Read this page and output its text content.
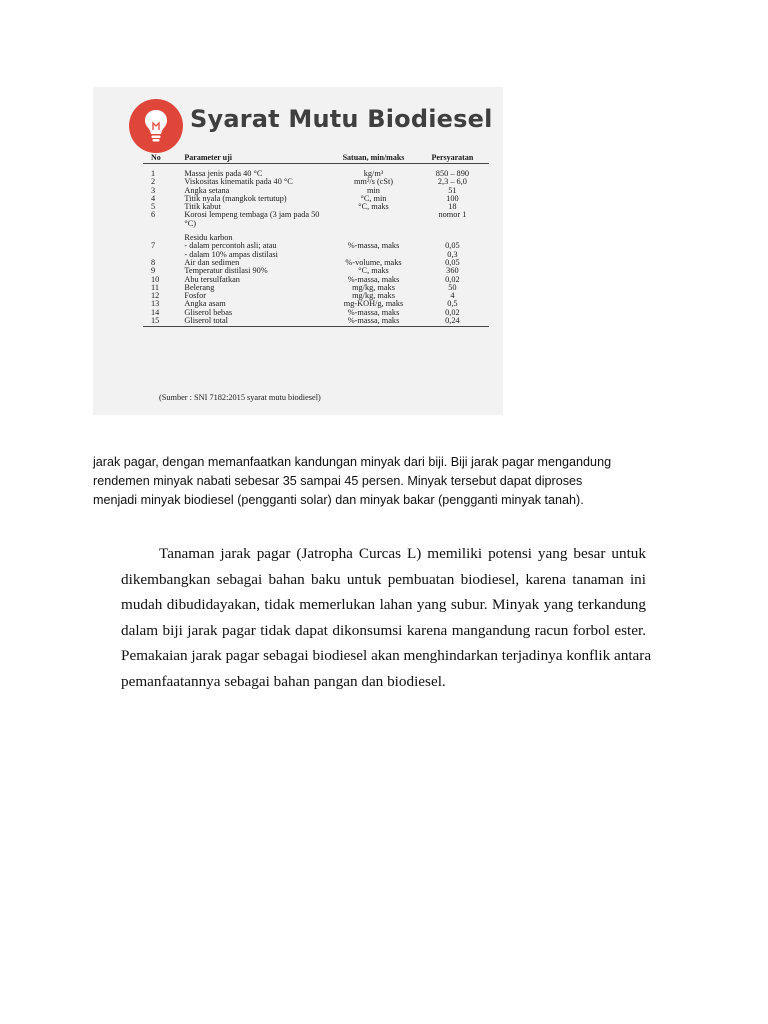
Syarat Mutu Biodiesel
No	Parameter uji	Satuan, min/maks	Persyaratan

1	Massa jenis pada 40 °C	kg/m³	850 – 890
2	Viskositas kinematik pada 40 °C	mm²/s (cSt)	2,3 – 6,0
3	Angka setana	min	51
4	Titik nyala (mangkok tertutup)	°C, min	100
5	Titik kabut	°C, maks	18
6	Korosi lempeng tembaga (3 jam pada 50 °C)		nomor 1

	Residu karbon		
7	- dalam percontoh asli; atau	%-massa, maks	0,05
	- dalam 10% ampas distilasi		0,3
8	Air dan sedimen	%-volume, maks	0,05
9	Temperatur distilasi 90%	°C, maks	360
10	Abu tersulfatkan	%-massa, maks	0,02
11	Belerang	mg/kg, maks	50
12	Fosfor	mg/kg, maks	4
13	Angka asam	mg-KOH/g, maks	0,5
14	Gliserol bebas	%-massa, maks	0,02
15	Gliserol total	%-massa, maks	0,24
(Sumber : SNI 7182:2015 syarat mutu biodiesel)
jarak pagar, dengan memanfaatkan kandungan minyak dari biji. Biji jarak pagar mengandung
rendemen minyak nabati sebesar 35 sampai 45 persen. Minyak tersebut dapat diproses
menjadi minyak biodiesel (pengganti solar) dan minyak bakar (pengganti minyak tanah).
Tanaman jarak pagar (Jatropha Curcas L) memiliki potensi yang besar untuk
dikembangkan sebagai bahan baku untuk pembuatan biodiesel, karena tanaman ini
mudah dibudidayakan, tidak memerlukan lahan yang subur. Minyak yang terkandung
dalam biji jarak pagar tidak dapat dikonsumsi karena mangandung racun forbol ester.
Pemakaian jarak pagar sebagai biodiesel akan menghindarkan terjadinya konflik antara
pemanfaatannya sebagai bahan pangan dan biodiesel.
